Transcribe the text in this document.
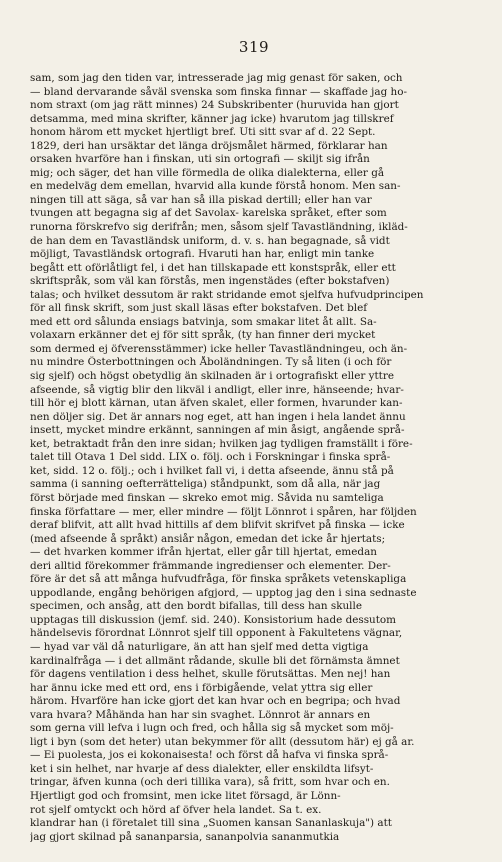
319
sam, som jag den tiden var, intresserade jag mig genast för saken, och
— bland dervarande såväl svenska som finska finnar — skaffade jag ho-
nom straxt (om jag rätt minnes) 24 Subskribenter (huruvida han gjort
detsamma, med mina skrifter, känner jag icke) hvarutom jag tillskref
honom härom ett mycket hjertligt bref. Uti sitt svar af d. 22 Sept.
1829, deri han ursäktar det länga dröjsmålet härmed, förklarar han
orsaken hvarföre han i finskan, uti sin ortografi — skiljt sig ifrån
mig; och säger, det han ville förmedla de olika dialekterna, eller gå
en medelväg dem emellan, hvarvid alla kunde förstå honom. Men san-
ningen till att säga, så var han så illa piskad dertill; eller han var
tvungen att begagna sig af det Savolax- karelska språket, efter som
runorna förskrefvo sig derifrån; men, såsom sjelf Tavastländning, ikläd-
de han dem en Tavastländsk uniform, d. v. s. han begagnade, så vidt
möjligt, Tavastländsk ortografi. Hvaruti han har, enligt min tanke
begått ett oförlåtligt fel, i det han tillskapade ett konstspråk, eller ett
skriftspråk, som väl kan förstås, men ingenstädes (efter bokstafven)
talas; och hvilket dessutom är rakt stridande emot sjelfva hufvudprincipen
för all finsk skrift, som just skall läsas efter bokstafven. Det blef
med ett ord sålunda ensiags batvinja, som smakar litet åt allt. Sa-
volaxarn erkänner det ej för sitt språk, (ty han finner deri mycket
som dermed ej öfverensstämmer) icke heller Tavastländningeu, och än-
nu mindre Österbottningen och Åboländningen. Ty så liten (i och för
sig sjelf) och högst obetydlig än skilnaden är i ortografiskt eller yttre
afseende, så vigtig blir den likväl i andligt, eller inre, hänseende; hvar-
till hör ej blott kärnan, utan äfven skalet, eller formen, hvarunder kan-
nen döljer sig. Det är annars nog eget, att han ingen i hela landet ännu
insett, mycket mindre erkännt, sanningen af min åsigt, angående språ-
ket, betraktadt från den inre sidan; hvilken jag tydligen framställt i före-
talet till Otava 1 Del sidd. LIX o. följ. och i Forskningar i finska språ-
ket, sidd. 12 o. följ.; och i hvilket fall vi, i detta afseende, ännu stå på
samma (i sanning oefterrätteliga) ståndpunkt, som då alla, när jag
först började med finskan — skreko emot mig. Såvida nu samteliga
finska författare — mer, eller mindre — följt Lönnrot i spåren, har följden
deraf blifvit, att allt hvad hittills af dem blifvit skrifvet på finska — icke
(med afseende å språkt) ansiår någon, emedan det icke år hjertats;
— det hvarken kommer ifrån hjertat, eller går till hjertat, emedan
deri alltid förekommer främmande ingredienser och elementer. Der-
före är det så att många hufvudfråga, för finska språkets vetenskapliga
uppodlande, engång behörigen afgjord, — upptog jag den i sina sednaste
specimen, och ansåg, att den bordt bifallas, till dess han skulle
upptagas till diskussion (jemf. sid. 240). Konsistorium hade dessutom
händelsevis förordnat Lönnrot sjelf till opponent à Fakultetens vägnar,
— hyad var väl då naturligare, än att han sjelf med detta vigtiga
kardinalfråga — i det allmänt rådande, skulle bli det förnämsta ämnet
för dagens ventilation i dess helhet, skulle förutsättas. Men nej! han
har ännu icke med ett ord, ens i förbigående, velat yttra sig eller
härom. Hvarföre han icke gjort det kan hvar och en begripa; och hvad
vara hvara? Måhända han har sin svaghet. Lönnrot är annars en
som gerna vill lefva i lugn och fred, och hålla sig så mycket som möj-
ligt i byn (som det heter) utan bekymmer för allt (dessutom här) ej gå ar.
— Ei puolesta, jos ei kokonaisesta! och först då hafva vi finska språ-
ket i sin helhet, nar hvarje af dess dialekter, eller enskildta lifsyt-
tringar, äfven kunna (och deri tillika vara), så fritt, som hvar och en.
Hjertligt god och fromsint, men icke litet försagd, är Lönn-
rot sjelf omtyckt och hörd af öfver hela landet. Sa t. ex.
klandrar han (i företalet till sina „Suomen kansan Sananlaskuja") att
jag gjort skilnad på sananparsia, sananpolvia sananmutkia
